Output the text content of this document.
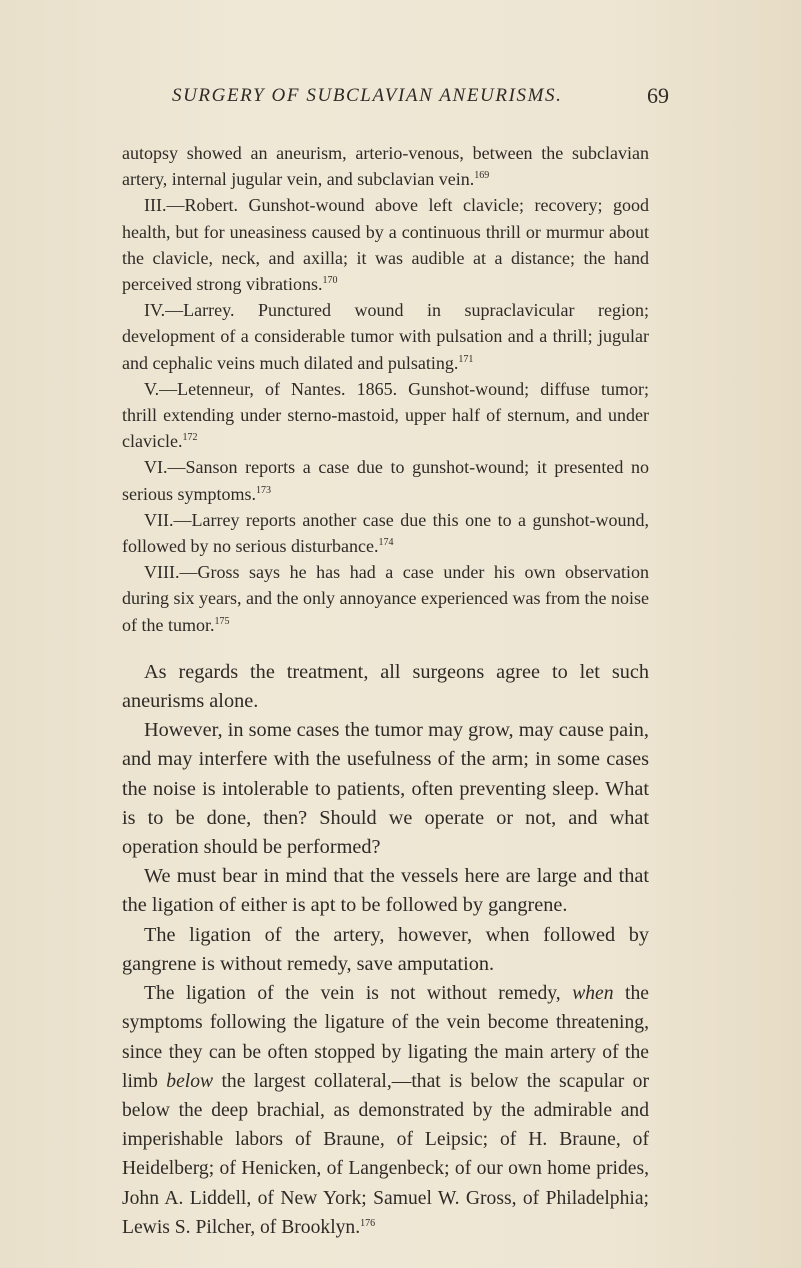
SURGERY OF SUBCLAVIAN ANEURISMS.	69

autopsy showed an aneurism, arterio-venous, between the subclavian artery, internal jugular vein, and subclavian vein.$^{169}$

III.—Robert. Gunshot-wound above left clavicle; recovery; good health, but for uneasiness caused by a continuous thrill or murmur about the clavicle, neck, and axilla; it was audible at a distance; the hand perceived strong vibrations.$^{170}$

IV.—Larrey. Punctured wound in supraclavicular region; development of a considerable tumor with pulsation and a thrill; jugular and cephalic veins much dilated and pulsating.$^{171}$

V.—Letenneur, of Nantes. 1865. Gunshot-wound; diffuse tumor; thrill extending under sterno-mastoid, upper half of sternum, and under clavicle.$^{172}$

VI.—Sanson reports a case due to gunshot-wound; it presented no serious symptoms.$^{173}$

VII.—Larrey reports another case due this one to a gunshot-wound, followed by no serious disturbance.$^{174}$

VIII.—Gross says he has had a case under his own observation during six years, and the only annoyance experienced was from the noise of the tumor.$^{175}$

As regards the treatment, all surgeons agree to let such aneurisms alone.

However, in some cases the tumor may grow, may cause pain, and may interfere with the usefulness of the arm; in some cases the noise is intolerable to patients, often preventing sleep. What is to be done, then? Should we operate or not, and what operation should be performed?

We must bear in mind that the vessels here are large and that the ligation of either is apt to be followed by gangrene.

The ligation of the artery, however, when followed by gangrene is without remedy, save amputation.

The ligation of the vein is not without remedy, when the symptoms following the ligature of the vein become threatening, since they can be often stopped by ligating the main artery of the limb below the largest collateral,—that is below the scapular or below the deep brachial, as demonstrated by the admirable and imperishable labors of Braune, of Leipsic; of H. Braune, of Heidelberg; of Henicken, of Langenbeck; of our own home prides, John A. Liddell, of New York; Samuel W. Gross, of Philadelphia; Lewis S. Pilcher, of Brooklyn.$^{176}$
